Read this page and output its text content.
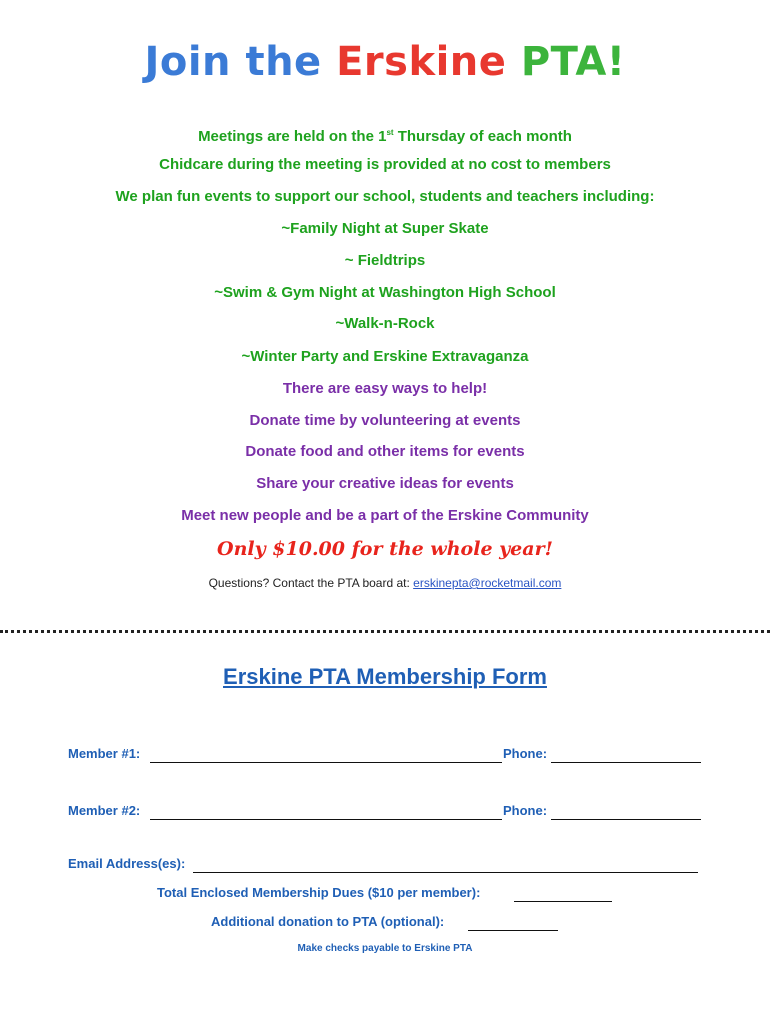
Join the Erskine PTA!
Meetings are held on the 1st Thursday of each month
Chidcare during the meeting is provided at no cost to members
We plan fun events to support our school, students and teachers including:
~Family Night at Super Skate
~ Fieldtrips
~Swim & Gym Night at Washington High School
~Walk-n-Rock
~Winter Party and Erskine Extravaganza
There are easy ways to help!
Donate time by volunteering at events
Donate food and other items for events
Share your creative ideas for events
Meet new people and be a part of the Erskine Community
Only $10.00 for the whole year!
Questions? Contact the PTA board at: erskinepta@rocketmail.com
Erskine PTA Membership Form
Member #1:	Phone:
Member #2:	Phone:
Email Address(es):
Total Enclosed Membership Dues ($10 per member):
Additional donation to PTA (optional):
Make checks payable to Erskine PTA
